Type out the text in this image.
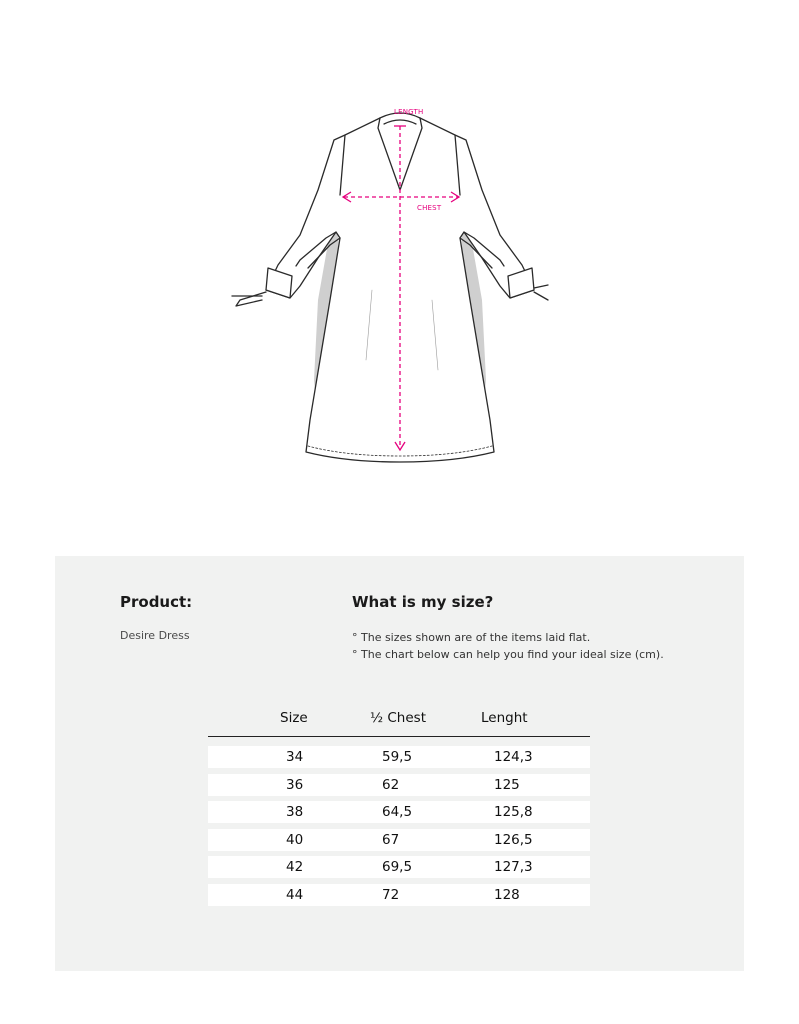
LENGTH
CHEST
Product:

Desire Dress

What is my size?
° The sizes shown are of the items laid flat.
° The chart below can help you find your ideal size (cm).
Size	½ Chest	Lenght
34	59,5	124,3
36	62	125
38	64,5	125,8
40	67	126,5
42	69,5	127,3
44	72	128
